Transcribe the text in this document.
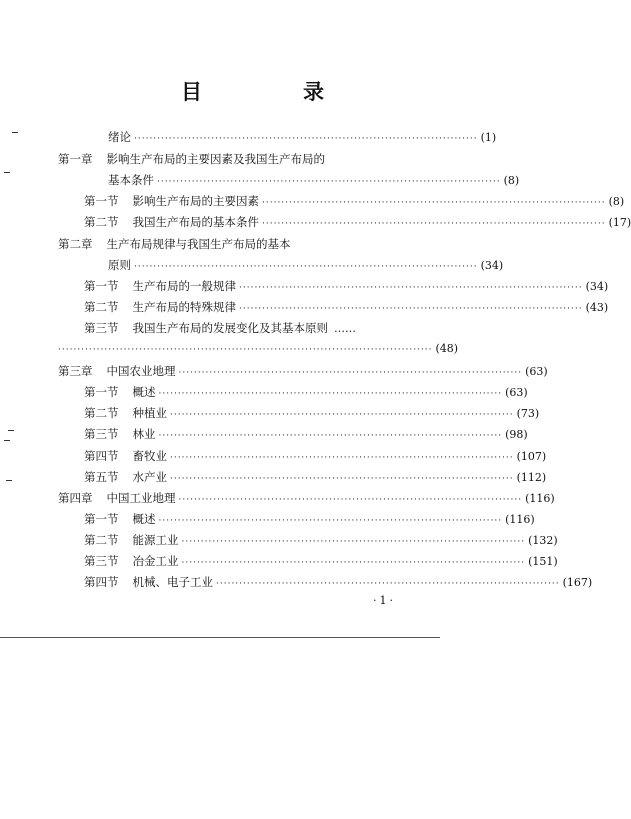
目　录
绪论 ························································································· (1)
第一章 影响生产布局的主要因素及我国生产布局的
基本条件 ························································································· (8)
第一节 影响生产布局的主要因素 ························································································· (8)
第二节 我国生产布局的基本条件 ························································································· (17)
第二章 生产布局规律与我国生产布局的基本
原则 ························································································· (34)
第一节 生产布局的一般规律 ························································································· (34)
第二节 生产布局的特殊规律 ························································································· (43)
第三节 我国生产布局的发展变化及其基本原则 ……
································································································· (48)
第三章 中国农业地理 ························································································· (63)
第一节 概述 ························································································· (63)
第二节 种植业 ························································································· (73)
第三节 林业 ························································································· (98)
第四节 畜牧业 ························································································· (107)
第五节 水产业 ························································································· (112)
第四章 中国工业地理 ························································································· (116)
第一节 概述 ························································································· (116)
第二节 能源工业 ························································································· (132)
第三节 冶金工业 ························································································· (151)
第四节 机械、电子工业 ························································································· (167)
·1·
